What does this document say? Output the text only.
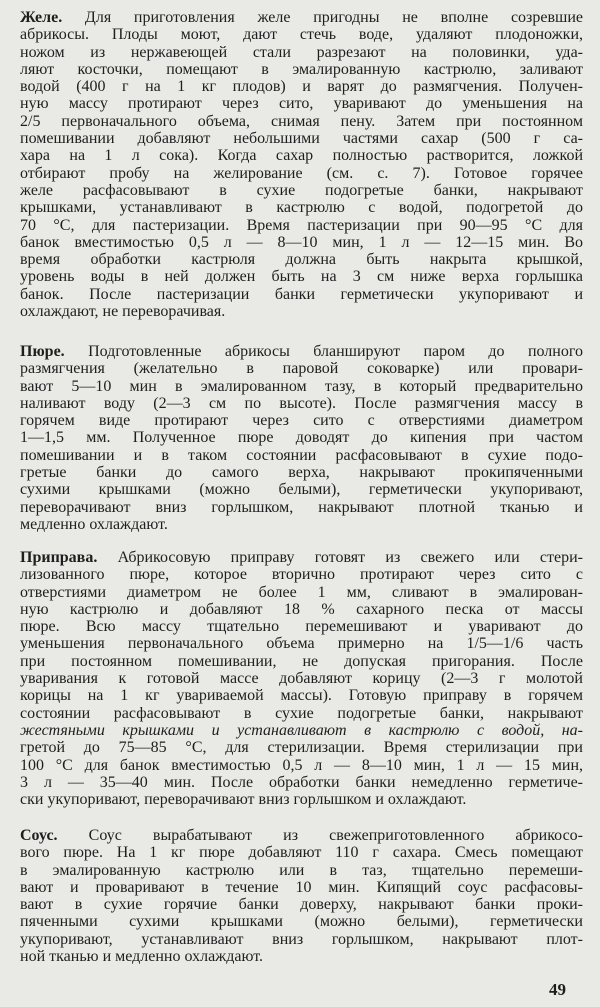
Желе. Для приготовления желе пригодны не вполне созревшие
абрикосы. Плоды моют, дают стечь воде, удаляют плодоножки,
ножом из нержавеющей стали разрезают на половинки, уда-
ляют косточки, помещают в эмалированную кастрюлю, заливают
водой (400 г на 1 кг плодов) и варят до размягчения. Получен-
ную массу протирают через сито, уваривают до уменьшения на
2/5 первоначального объема, снимая пену. Затем при постоянном
помешивании добавляют небольшими частями сахар (500 г са-
хара на 1 л сока). Когда сахар полностью растворится, ложкой
отбирают пробу на желирование (см. с. 7). Готовое горячее
желе расфасовывают в сухие подогретые банки, накрывают
крышками, устанавливают в кастрюлю с водой, подогретой до
70 °С, для пастеризации. Время пастеризации при 90—95 °С для
банок вместимостью 0,5 л — 8—10 мин, 1 л — 12—15 мин. Во
время обработки кастрюля должна быть накрыта крышкой,
уровень воды в ней должен быть на 3 см ниже верха горлышка
банок. После пастеризации банки герметически укупоривают и
охлаждают, не переворачивая.
Пюре. Подготовленные абрикосы бланшируют паром до полного
размягчения (желательно в паровой соковарке) или провари-
вают 5—10 мин в эмалированном тазу, в который предварительно
наливают воду (2—3 см по высоте). После размягчения массу в
горячем виде протирают через сито с отверстиями диаметром
1—1,5 мм. Полученное пюре доводят до кипения при частом
помешивании и в таком состоянии расфасовывают в сухие подо-
гретые банки до самого верха, накрывают прокипяченными
сухими крышками (можно белыми), герметически укупоривают,
переворачивают вниз горлышком, накрывают плотной тканью и
медленно охлаждают.
Приправа. Абрикосовую приправу готовят из свежего или стери-
лизованного пюре, которое вторично протирают через сито с
отверстиями диаметром не более 1 мм, сливают в эмалирован-
ную кастрюлю и добавляют 18 % сахарного песка от массы
пюре. Всю массу тщательно перемешивают и уваривают до
уменьшения первоначального объема примерно на 1/5—1/6 часть
при постоянном помешивании, не допуская пригорания. После
уваривания к готовой массе добавляют корицу (2—3 г молотой
корицы на 1 кг увариваемой массы). Готовую приправу в горячем
состоянии расфасовывают в сухие подогретые банки, накрывают
жестяными крышками и устанавливают в кастрюлю с водой, на-
гретой до 75—85 °С, для стерилизации. Время стерилизации при
100 °С для банок вместимостью 0,5 л — 8—10 мин, 1 л — 15 мин,
3 л — 35—40 мин. После обработки банки немедленно герметиче-
ски укупоривают, переворачивают вниз горлышком и охлаждают.
Соус. Соус вырабатывают из свежеприготовленного абрикосо-
вого пюре. На 1 кг пюре добавляют 110 г сахара. Смесь помещают
в эмалированную кастрюлю или в таз, тщательно перемеши-
вают и проваривают в течение 10 мин. Кипящий соус расфасовы-
вают в сухие горячие банки доверху, накрывают банки проки-
пяченными сухими крышками (можно белыми), герметически
укупоривают, устанавливают вниз горлышком, накрывают плот-
ной тканью и медленно охлаждают.
49
